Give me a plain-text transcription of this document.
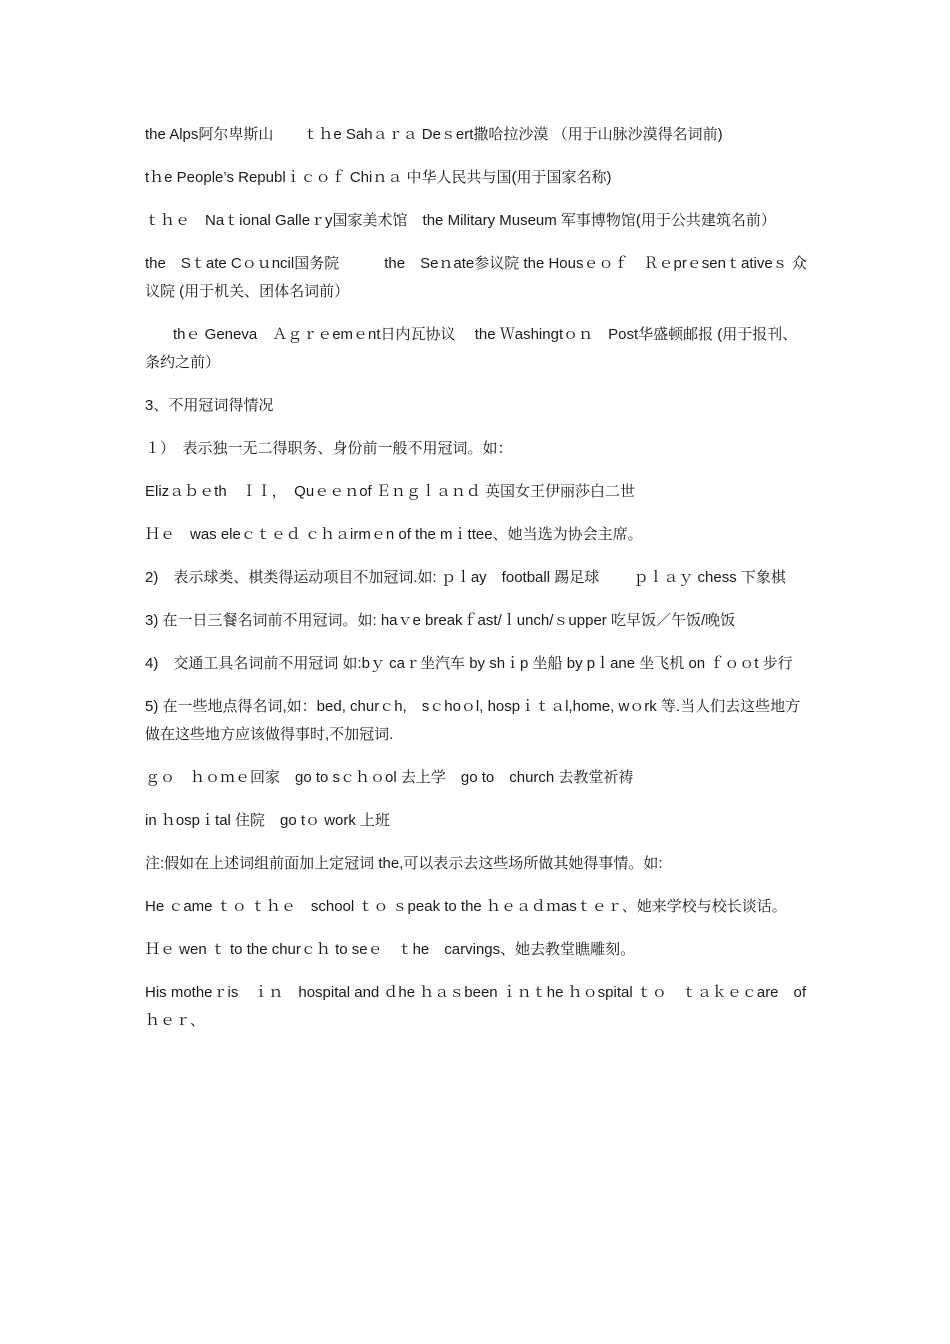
the Alps阿尔卑斯山　　ｔｈe Sahａｒａ Deｓert撒哈拉沙漠 （用于山脉沙漠得名词前)

tｈe People’s Republｉｃｏｆ Chiｎａ 中华人民共与国(用于国家名称)

ｔｈｅ　Naｔional Galleｒy国家美术馆　the Military Museum 军事博物馆(用于公共建筑名前）

the　Sｔate Cｏｕncil国务院　　　the　Seｎate参议院 the Housｅｏｆ　Ｒｅprｅsenｔativeｓ 众议院 (用于机关、团体名词前）

thｅ Geneva　Ａｇｒｅemｅnt日内瓦协议　 the Ｗashingtｏｎ　Post华盛顿邮报 (用于报刊、条约之前）

3、不用冠词得情况

１）　表示独一无二得职务、身份前一般不用冠词。如：

Elizａｂｅth　ＩＩ，　Quｅｅｎof Ｅｎｇｌａｎｄ 英国女王伊丽莎白二世

Ｈｅ　was eleｃｔｅｄ ｃｈａirmｅn of the mｉttee、她当选为协会主席。

2)　表示球类、棋类得运动项目不加冠词.如: ｐｌay　football 踢足球　　 ｐｌａｙ chess 下象棋

3) 在一日三餐名词前不用冠词。如: haｖe breakｆast/ｌunch/ｓupper 吃早饭／午饭/晚饭

4)　交通工具名词前不用冠词 如:bｙ caｒ坐汽车 by shｉp 坐船 by pｌane 坐飞机 on ｆｏｏt 步行

5) 在一些地点得名词,如：bed, churｃh,　sｃhoｏl, hospｉｔａl,home, wｏrk 等.当人们去这些地方做在这些地方应该做得事时,不加冠词.

ｇｏ　ｈｏｍｅ回家　go to sｃｈｏol 去上学　go to　church 去教堂祈祷

in ｈospｉtal 住院　go tｏ work 上班

注:假如在上述词组前面加上定冠词 the,可以表示去这些场所做其她得事情。如:

He ｃame ｔｏ ｔｈｅ　school ｔｏ ｓpeak to the ｈｅａｄｍasｔｅｒ、她来学校与校长谈话。

Ｈｅ wen ｔ to the churｃｈ to seｅ　ｔhe　carvings、她去教堂瞧雕刻。

His motheｒis　ｉｎ　hospital and ｄhe ｈａｓbeen ｉｎｔhe ｈｏspital ｔｏ　ｔａｋｅｃare　of　ｈｅｒ、
